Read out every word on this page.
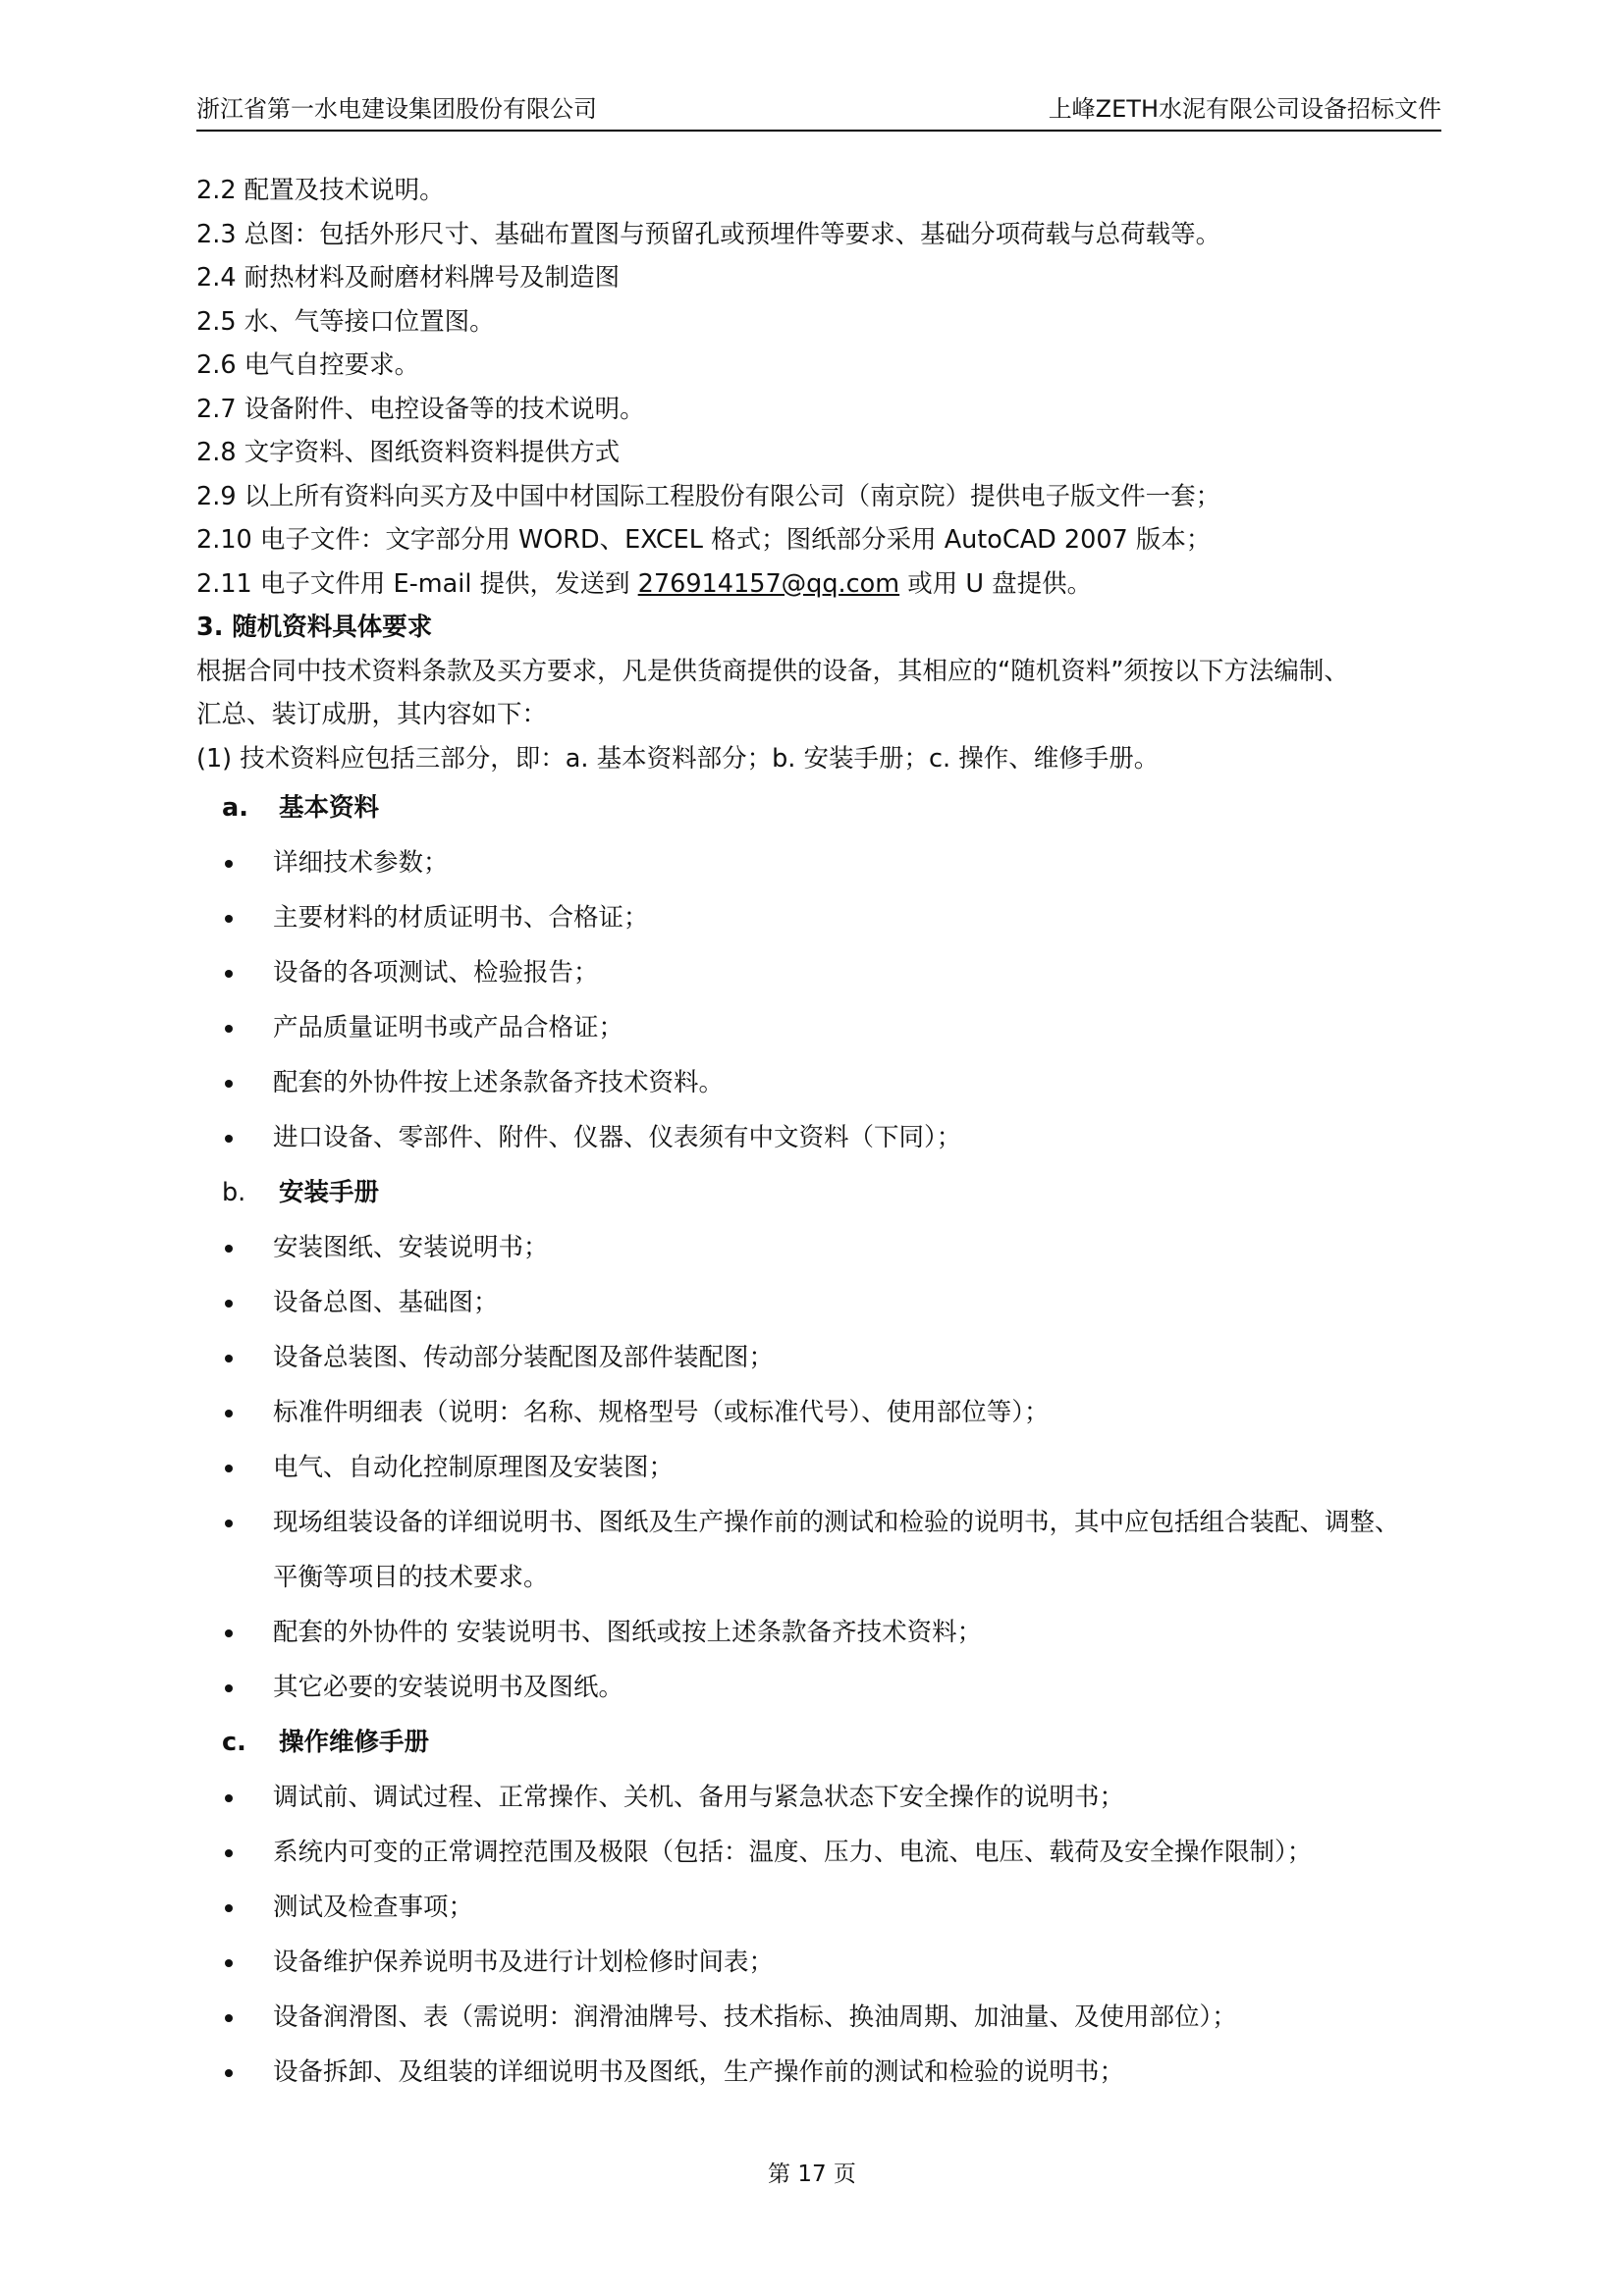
浙江省第一水电建设集团股份有限公司	上峰ZETH水泥有限公司设备招标文件
2.2 配置及技术说明。
2.3 总图：包括外形尺寸、基础布置图与预留孔或预埋件等要求、基础分项荷载与总荷载等。
2.4 耐热材料及耐磨材料牌号及制造图
2.5 水、气等接口位置图。
2.6 电气自控要求。
2.7 设备附件、电控设备等的技术说明。
2.8 文字资料、图纸资料资料提供方式
2.9 以上所有资料向买方及中国中材国际工程股份有限公司（南京院）提供电子版文件一套；
2.10 电子文件：文字部分用 WORD、EXCEL 格式；图纸部分采用 AutoCAD 2007 版本；
2.11 电子文件用 E-mail 提供，发送到 276914157@qq.com 或用 U 盘提供。
3. 随机资料具体要求
根据合同中技术资料条款及买方要求，凡是供货商提供的设备，其相应的“随机资料”须按以下方法编制、
汇总、装订成册，其内容如下：
(1) 技术资料应包括三部分，即：a. 基本资料部分；b. 安装手册；c. 操作、维修手册。
a. 基本资料
详细技术参数；
主要材料的材质证明书、合格证；
设备的各项测试、检验报告；
产品质量证明书或产品合格证；
配套的外协件按上述条款备齐技术资料。
进口设备、零部件、附件、仪器、仪表须有中文资料（下同）；
b. 安装手册
安装图纸、安装说明书；
设备总图、基础图；
设备总装图、传动部分装配图及部件装配图；
标准件明细表（说明：名称、规格型号（或标准代号）、使用部位等）；
电气、自动化控制原理图及安装图；
现场组装设备的详细说明书、图纸及生产操作前的测试和检验的说明书，其中应包括组合装配、调整、平衡等项目的技术要求。
配套的外协件的 安装说明书、图纸或按上述条款备齐技术资料；
其它必要的安装说明书及图纸。
c. 操作维修手册
调试前、调试过程、正常操作、关机、备用与紧急状态下安全操作的说明书；
系统内可变的正常调控范围及极限（包括：温度、压力、电流、电压、载荷及安全操作限制）；
测试及检查事项；
设备维护保养说明书及进行计划检修时间表；
设备润滑图、表（需说明：润滑油牌号、技术指标、换油周期、加油量、及使用部位）；
设备拆卸、及组装的详细说明书及图纸，生产操作前的测试和检验的说明书；
第 17 页
